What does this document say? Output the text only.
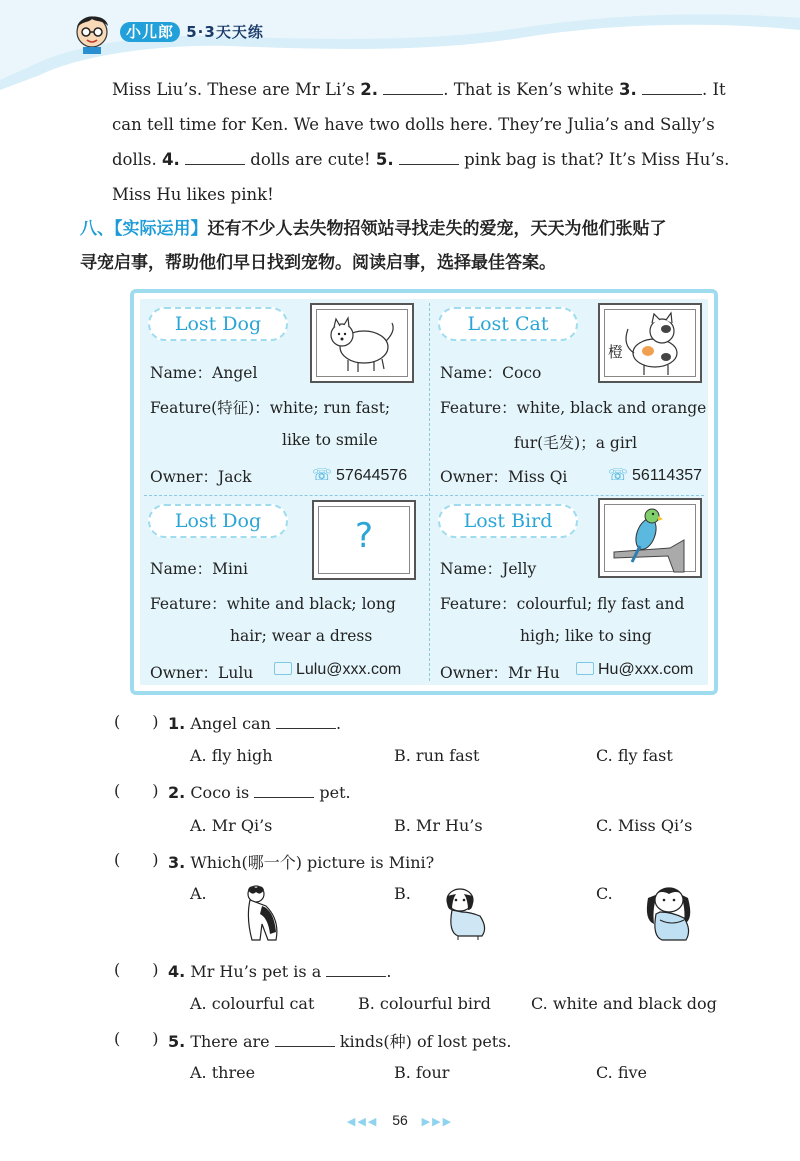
小儿郎 5·3天天练

Miss Liu’s. These are Mr Li’s 2.	. That is Ken’s white 3.	. It

can tell time for Ken. We have two dolls here. They’re Julia’s and Sally’s

dolls. 4.	dolls are cute! 5.	pink bag is that? It’s Miss Hu’s.

Miss Hu likes pink!

八、【实际运用】还有不少人去失物招领站寻找走失的爱宠，天天为他们张贴了
寻宠启事，帮助他们早日找到宠物。阅读启事，选择最佳答案。
Lost Dog
Name：Angel
Feature(特征)：white; run fast;
like to smile
Owner：Jack	☏ 57644576
Lost Cat
橙
Name：Coco
Feature：white, black and orange
fur(毛发)；a girl
Owner：Miss Qi	☏ 56114357
Lost Dog	?
Name：Mini
Feature：white and black; long
hair; wear a dress
Owner：Lulu	Lulu@xxx.com
Lost Bird
Name：Jelly
Feature：colourful; fly fast and
high; like to sing
Owner：Mr Hu	Hu@xxx.com
( ) 1. Angel can	.
A. fly high	B. run fast	C. fly fast
( ) 2. Coco is	pet.
A. Mr Qi’s	B. Mr Hu’s	C. Miss Qi’s
( ) 3. Which(哪一个) picture is Mini?
A.	B.	C.
( ) 4. Mr Hu’s pet is a	.
A. colourful cat	B. colourful bird	C. white and black dog
( ) 5. There are	kinds(种) of lost pets.
A. three	B. four	C. five
◀◀◀ 56 ▶▶▶
